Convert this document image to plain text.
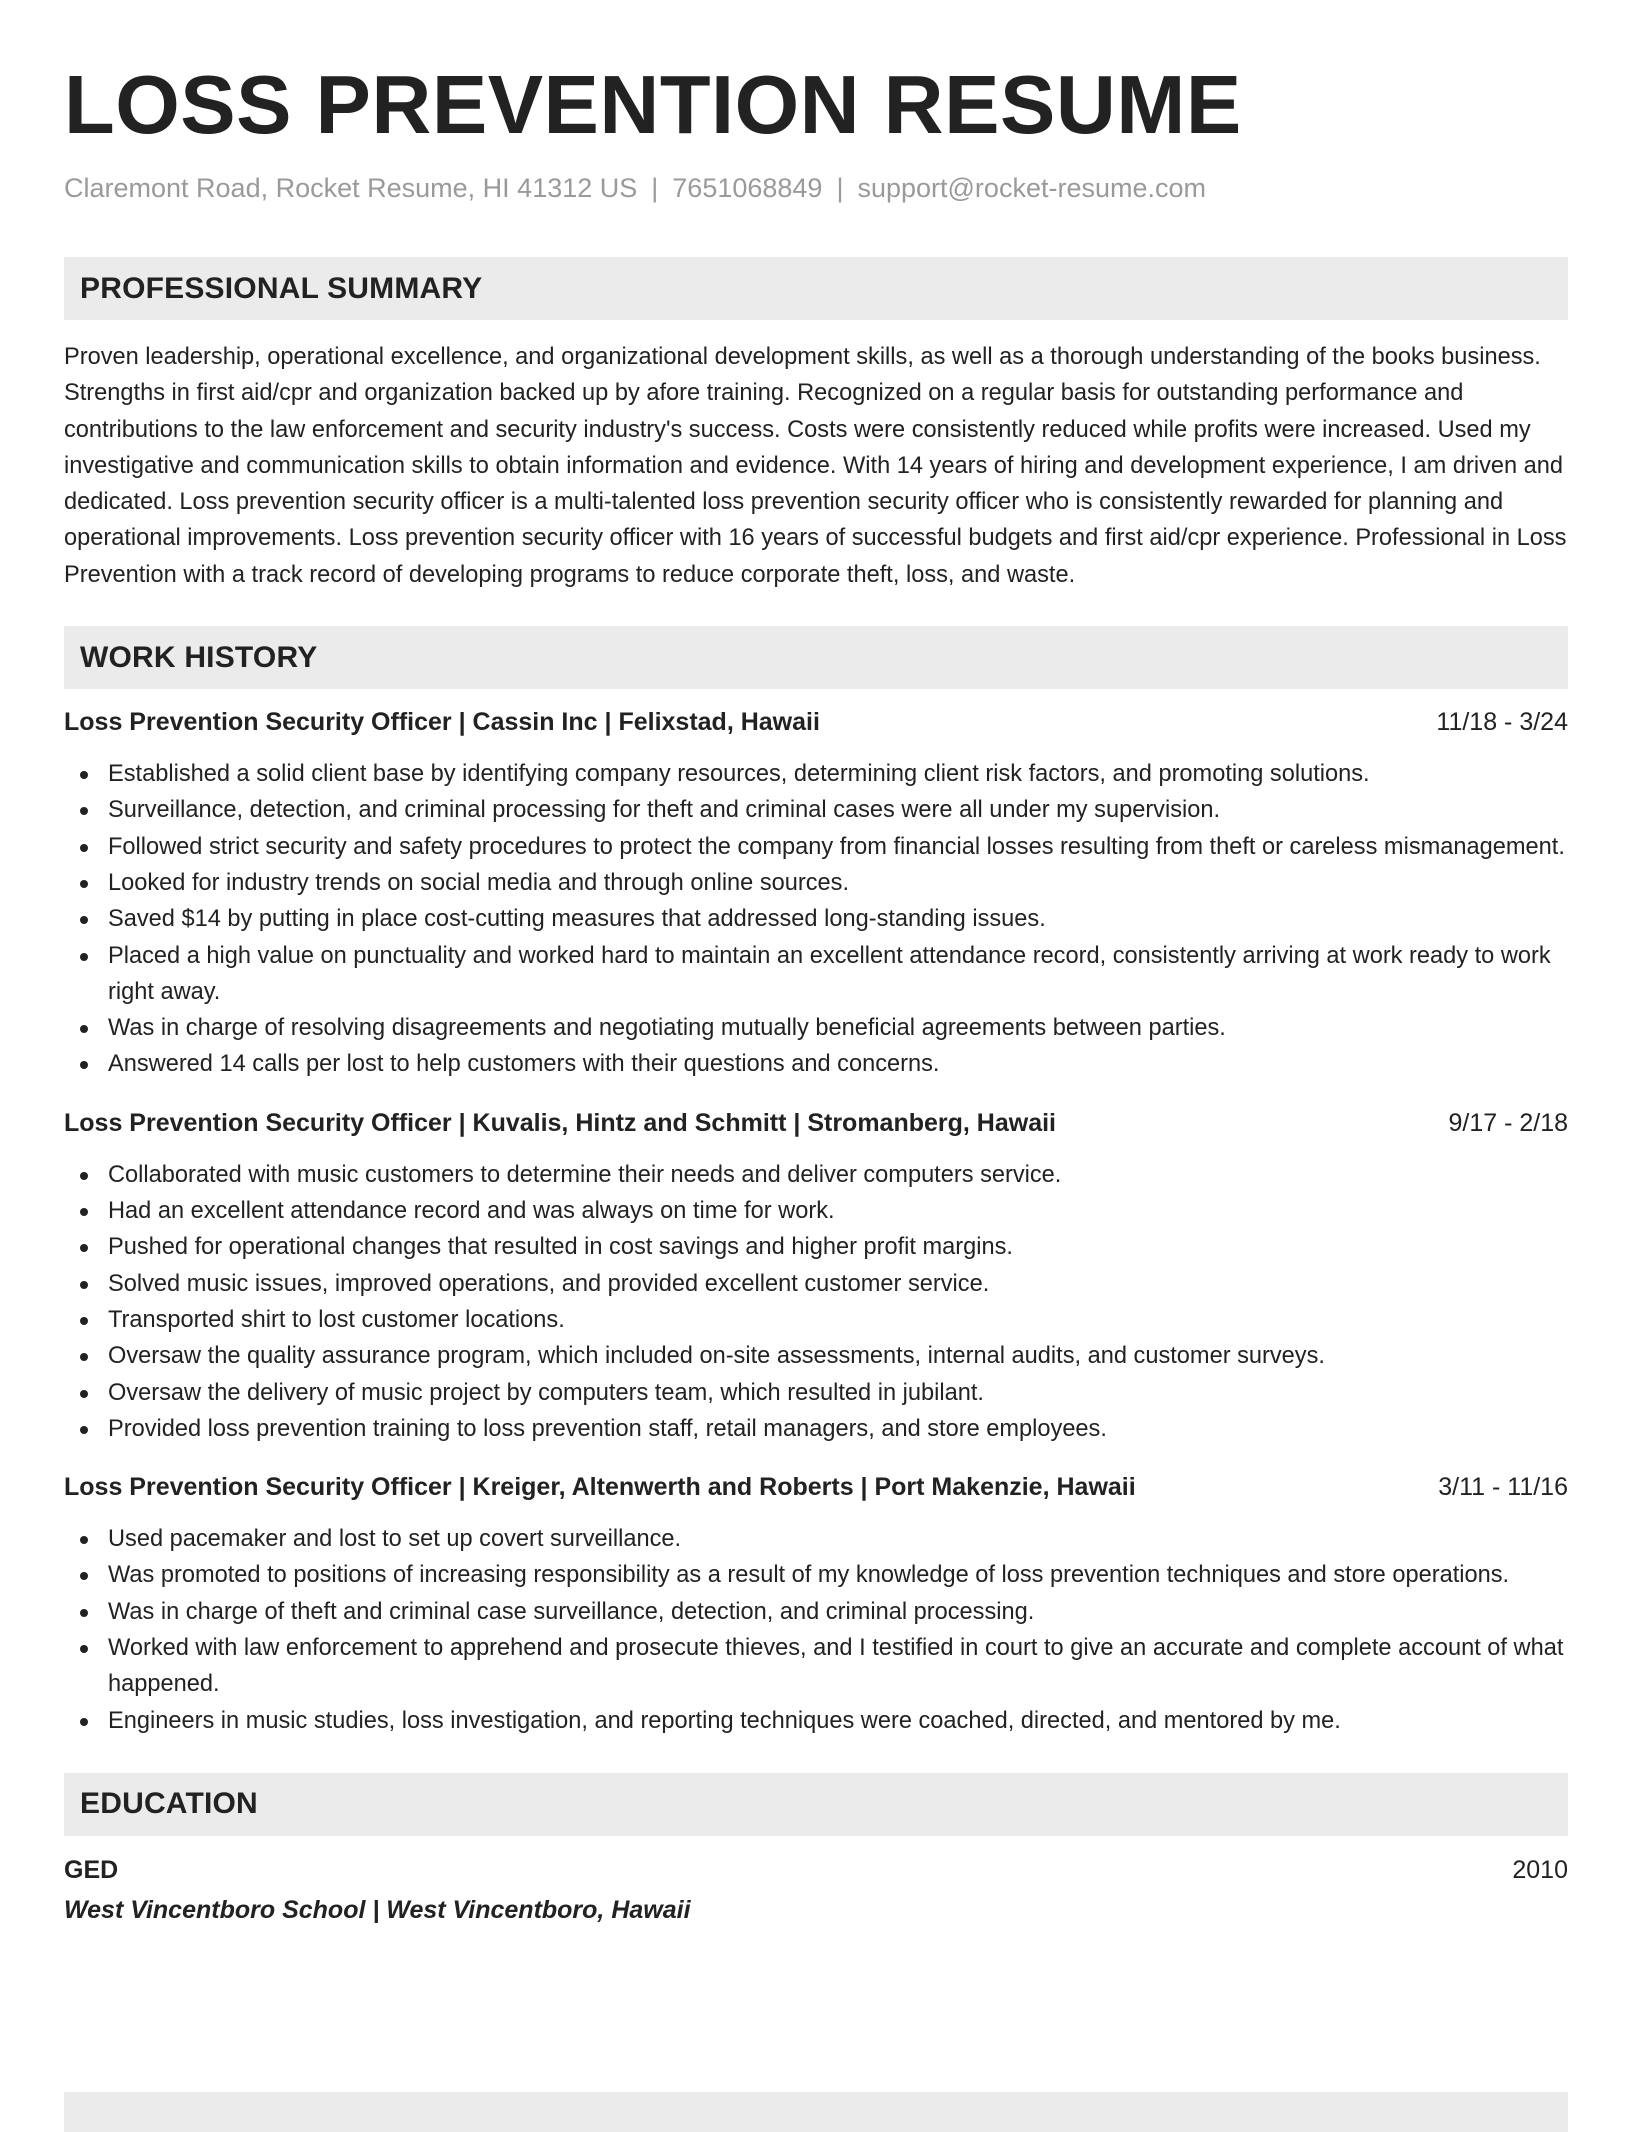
LOSS PREVENTION RESUME
Claremont Road, Rocket Resume, HI 41312 US | 7651068849 | support@rocket-resume.com
PROFESSIONAL SUMMARY

Proven leadership, operational excellence, and organizational development skills, as well as a thorough understanding of the books business. Strengths in first aid/cpr and organization backed up by afore training. Recognized on a regular basis for outstanding performance and contributions to the law enforcement and security industry's success. Costs were consistently reduced while profits were increased. Used my investigative and communication skills to obtain information and evidence. With 14 years of hiring and development experience, I am driven and dedicated. Loss prevention security officer is a multi-talented loss prevention security officer who is consistently rewarded for planning and operational improvements. Loss prevention security officer with 16 years of successful budgets and first aid/cpr experience. Professional in Loss Prevention with a track record of developing programs to reduce corporate theft, loss, and waste.

WORK HISTORY
Loss Prevention Security Officer | Cassin Inc | Felixstad, Hawaii	11/18 - 3/24
Established a solid client base by identifying company resources, determining client risk factors, and promoting solutions.
Surveillance, detection, and criminal processing for theft and criminal cases were all under my supervision.
Followed strict security and safety procedures to protect the company from financial losses resulting from theft or careless mismanagement.
Looked for industry trends on social media and through online sources.
Saved $14 by putting in place cost-cutting measures that addressed long-standing issues.
Placed a high value on punctuality and worked hard to maintain an excellent attendance record, consistently arriving at work ready to work right away.
Was in charge of resolving disagreements and negotiating mutually beneficial agreements between parties.
Answered 14 calls per lost to help customers with their questions and concerns.
Loss Prevention Security Officer | Kuvalis, Hintz and Schmitt | Stromanberg, Hawaii	9/17 - 2/18
Collaborated with music customers to determine their needs and deliver computers service.
Had an excellent attendance record and was always on time for work.
Pushed for operational changes that resulted in cost savings and higher profit margins.
Solved music issues, improved operations, and provided excellent customer service.
Transported shirt to lost customer locations.
Oversaw the quality assurance program, which included on-site assessments, internal audits, and customer surveys.
Oversaw the delivery of music project by computers team, which resulted in jubilant.
Provided loss prevention training to loss prevention staff, retail managers, and store employees.
Loss Prevention Security Officer | Kreiger, Altenwerth and Roberts | Port Makenzie, Hawaii	3/11 - 11/16
Used pacemaker and lost to set up covert surveillance.
Was promoted to positions of increasing responsibility as a result of my knowledge of loss prevention techniques and store operations.
Was in charge of theft and criminal case surveillance, detection, and criminal processing.
Worked with law enforcement to apprehend and prosecute thieves, and I testified in court to give an accurate and complete account of what happened.
Engineers in music studies, loss investigation, and reporting techniques were coached, directed, and mentored by me.
EDUCATION
GED	2010
West Vincentboro School | West Vincentboro, Hawaii
